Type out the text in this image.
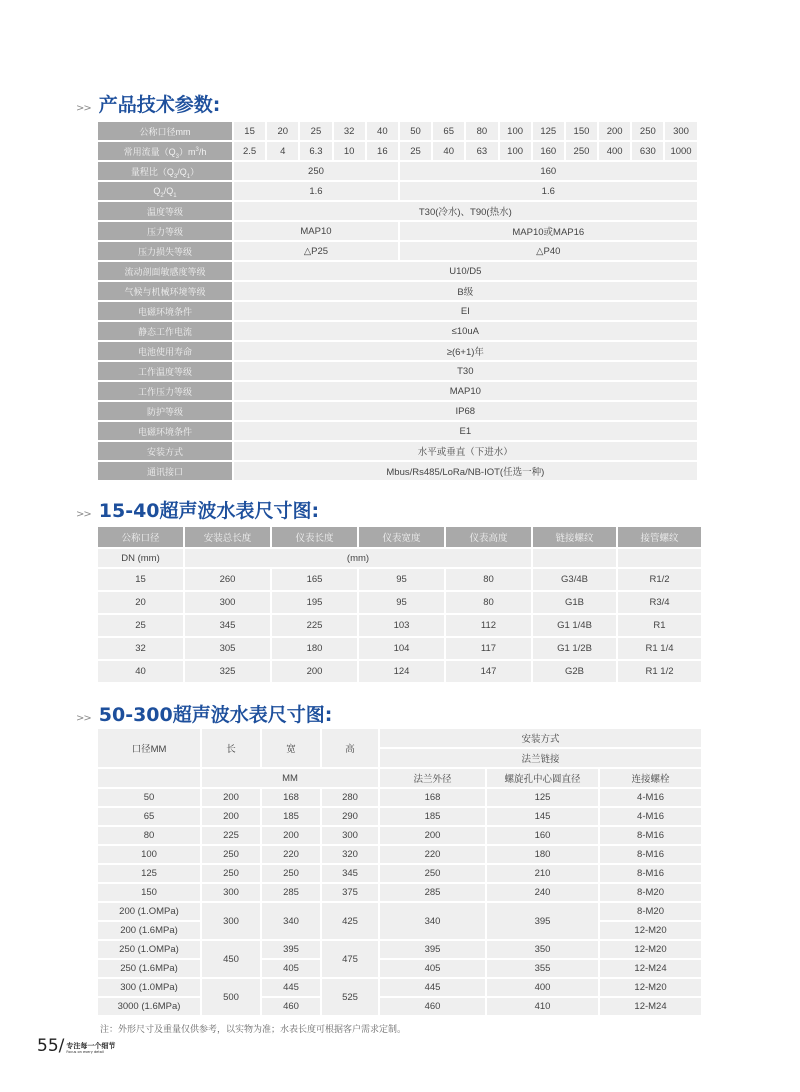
>> 产品技术参数:
公称口径mm	15	20	25	32	40	50	65	80	100	125	150	200	250	300
常用流量$(Q_3)m^3/h$	2.5	4	6.3	10	16	25	40	63	100	160	250	400	630	1000
量程比$(Q_3/Q_1)$	250					160								
$Q_2/Q_1$	1.6					1.6								
温度等级	T30(冷水)、T90(热水)													
压力等级	MAP10					MAP10或MAP16								
压力损失等级	△P25					△P40								
流动剖面敏感度等级	U10/D5													
气候与机械环境等级	B级													
电磁环境条件	EI													
静态工作电流	≤10uA													
电池使用寿命	≥(6+1)年													
工作温度等级	T30													
工作压力等级	MAP10													
防护等级	IP68													
电磁环境条件	E1													
安装方式	水平或垂直（下进水）													
通讯接口	Mbus/Rs485/LoRa/NB-IOT(任选一种)													
>> 15-40超声波水表尺寸图:
公称口径	安装总长度	仪表长度	仪表宽度	仪表高度	链接螺纹	接管螺纹
DN (mm)	(mm)					
15	260	165	95	80	G3/4B	R1/2
20	300	195	95	80	G1B	R3/4
25	345	225	103	112	G1 1/4B	R1
32	305	180	104	117	G1 1/2B	R1 1/4
40	325	200	124	147	G2B	R1 1/2
>> 50-300超声波水表尺寸图:
口径MM	长	宽	高	安装方式		
				法兰链接		
	MM			法兰外径	螺旋孔中心圆直径	连接螺栓
50	200	168	280	168	125	4-M16
65	200	185	290	185	145	4-M16
80	225	200	300	200	160	8-M16
100	250	220	320	220	180	8-M16
125	250	250	345	250	210	8-M16
150	300	285	375	285	240	8-M20
200 (1.OMPa)	300	340	425	340	395	8-M20
200 (1.6MPa)						12-M20
250 (1.OMPa)	450	395	475	395	350	12-M20
250 (1.6MPa)		405		405	355	12-M24
300 (1.0MPa)	500	445	525	445	400	12-M20
3000 (1.6MPa)		460		460	410	12-M24
注：外形尺寸及重量仅供参考，以实物为准；水表长度可根据客户需求定制。
55/ 专注每一个细节
Focus on every detail
